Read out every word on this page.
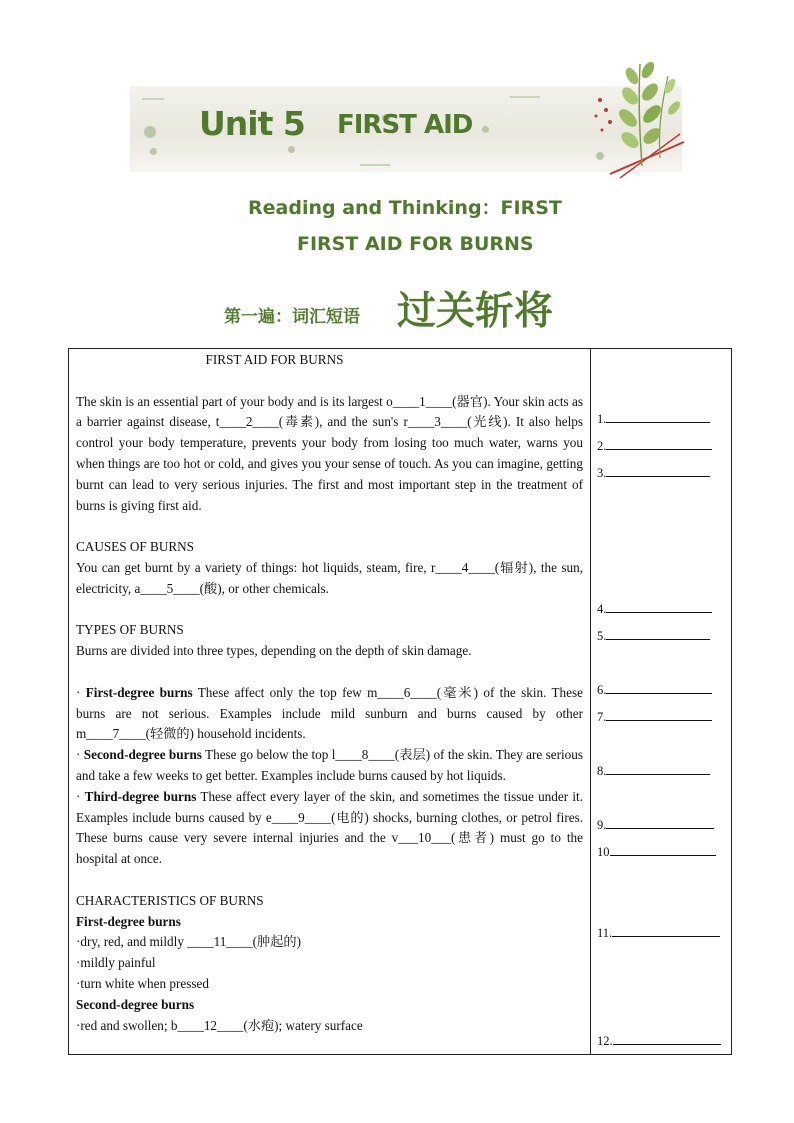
Unit 5 FIRST AID
Reading and Thinking：FIRST
FIRST AID FOR BURNS
第一遍：词汇短语 过关斩将

FIRST AID FOR BURNS

The skin is an essential part of your body and is its largest o____1____(器官). Your skin acts as a barrier against disease, t____2____(毒素), and the sun's r____3____(光线). It also helps control your body temperature, prevents your body from losing too much water, warns you when things are too hot or cold, and gives you your sense of touch. As you can imagine, getting burnt can lead to very serious injuries. The first and most important step in the treatment of burns is giving first aid.

CAUSES OF BURNS

You can get burnt by a variety of things: hot liquids, steam, fire, r____4____(辐射), the sun, electricity, a____5____(酸), or other chemicals.

TYPES OF BURNS

Burns are divided into three types, depending on the depth of skin damage.

· First-degree burns These affect only the top few m____6____(毫米) of the skin. These burns are not serious. Examples include mild sunburn and burns caused by other m____7____(轻微的) household incidents.

· Second-degree burns These go below the top l____8____(表层) of the skin. They are serious and take a few weeks to get better. Examples include burns caused by hot liquids.

· Third-degree burns These affect every layer of the skin, and sometimes the tissue under it. Examples include burns caused by e____9____(电的) shocks, burning clothes, or petrol fires. These burns cause very severe internal injuries and the v___10___(患者) must go to the hospital at once.

CHARACTERISTICS OF BURNS

First-degree burns

·dry, red, and mildly ____11____(肿起的)

·mildly painful

·turn white when pressed

Second-degree burns

·red and swollen; b____12____(水疱); watery surface

1.
2.
3.
4.
5.
6.
7.
8.
9.
10
11.
12.
